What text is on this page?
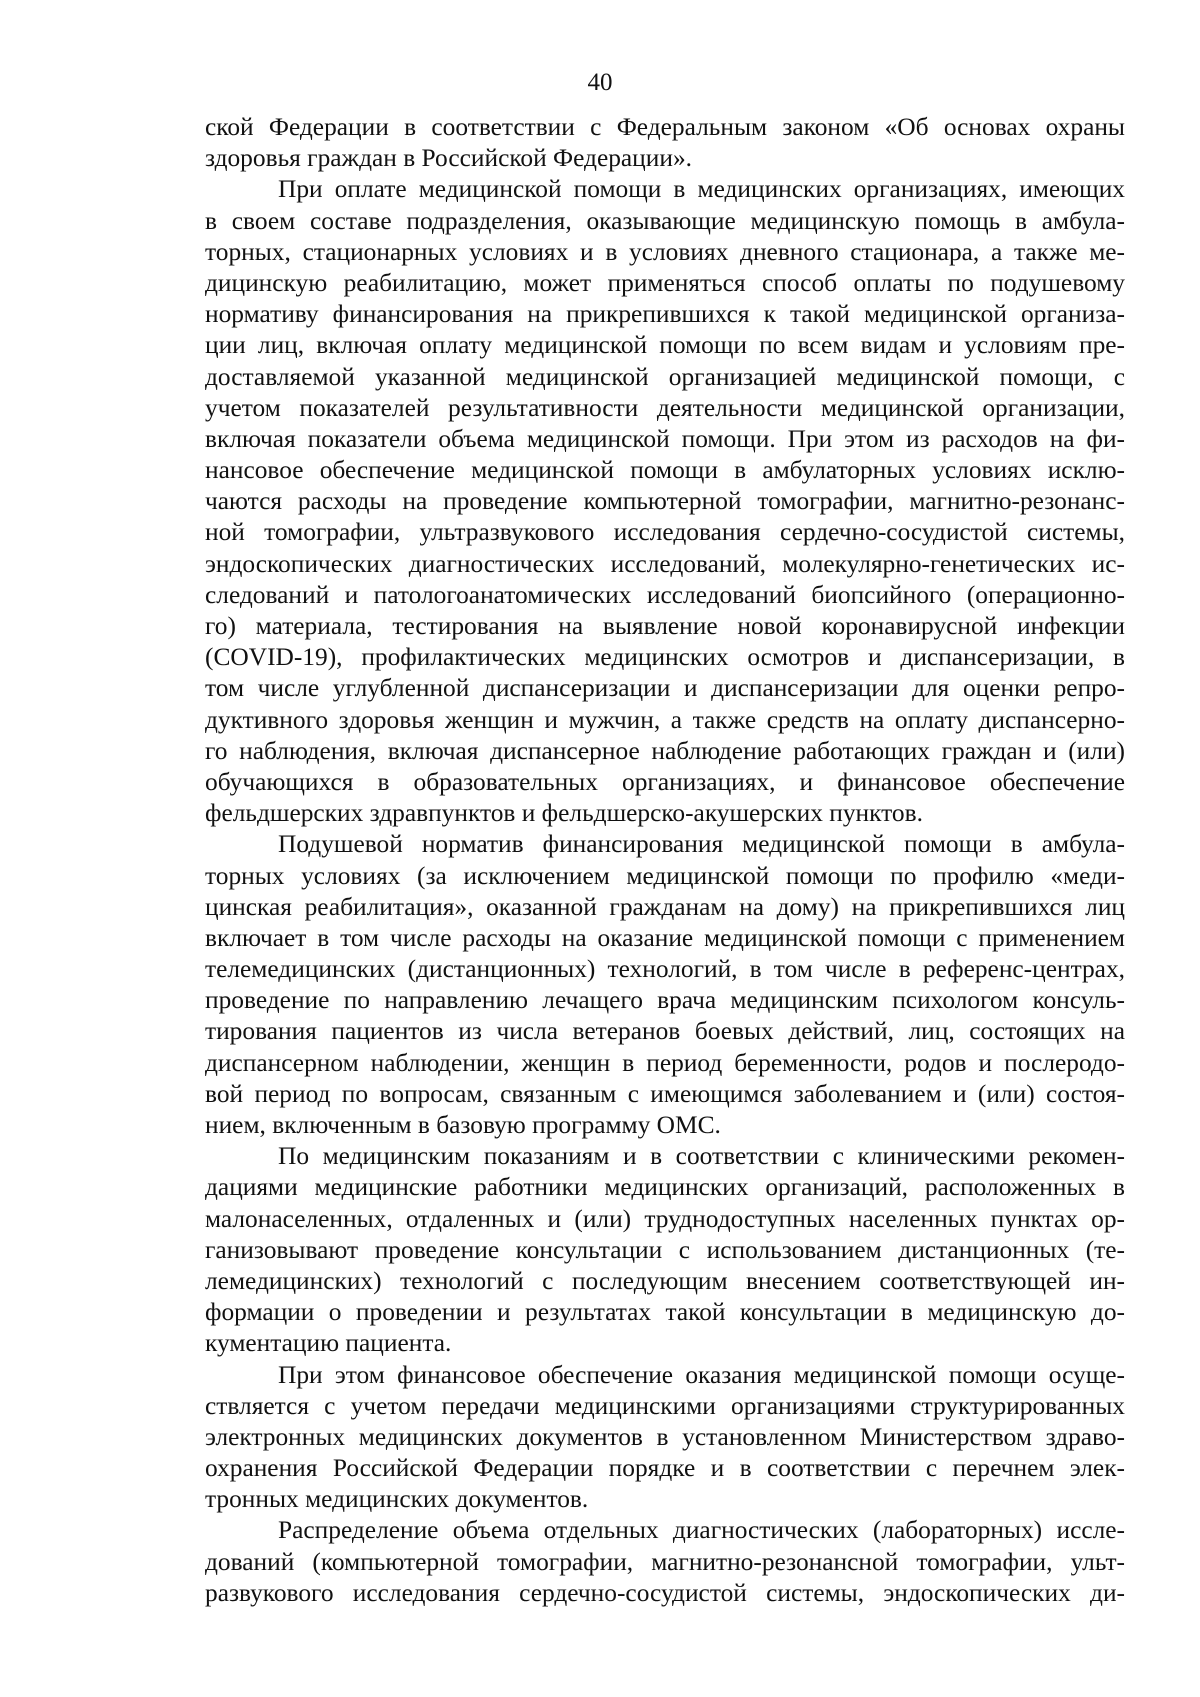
40
ской Федерации в соответствии с Федеральным законом «Об основах охраны
здоровья граждан в Российской Федерации».
При оплате медицинской помощи в медицинских организациях, имеющих
в своем составе подразделения, оказывающие медицинскую помощь в амбула-
торных, стационарных условиях и в условиях дневного стационара, а также ме-
дицинскую реабилитацию, может применяться способ оплаты по подушевому
нормативу финансирования на прикрепившихся к такой медицинской организа-
ции лиц, включая оплату медицинской помощи по всем видам и условиям пре-
доставляемой указанной медицинской организацией медицинской помощи, с
учетом показателей результативности деятельности медицинской организации,
включая показатели объема медицинской помощи. При этом из расходов на фи-
нансовое обеспечение медицинской помощи в амбулаторных условиях исклю-
чаются расходы на проведение компьютерной томографии, магнитно-резонанс-
ной томографии, ультразвукового исследования сердечно-сосудистой системы,
эндоскопических диагностических исследований, молекулярно-генетических ис-
следований и патологоанатомических исследований биопсийного (операционно-
го) материала, тестирования на выявление новой коронавирусной инфекции
(COVID-19), профилактических медицинских осмотров и диспансеризации, в
том числе углубленной диспансеризации и диспансеризации для оценки репро-
дуктивного здоровья женщин и мужчин, а также средств на оплату диспансерно-
го наблюдения, включая диспансерное наблюдение работающих граждан и (или)
обучающихся в образовательных организациях, и финансовое обеспечение
фельдшерских здравпунктов и фельдшерско-акушерских пунктов.
Подушевой норматив финансирования медицинской помощи в амбула-
торных условиях (за исключением медицинской помощи по профилю «меди-
цинская реабилитация», оказанной гражданам на дому) на прикрепившихся лиц
включает в том числе расходы на оказание медицинской помощи с применением
телемедицинских (дистанционных) технологий, в том числе в референс-центрах,
проведение по направлению лечащего врача медицинским психологом консуль-
тирования пациентов из числа ветеранов боевых действий, лиц, состоящих на
диспансерном наблюдении, женщин в период беременности, родов и послеродо-
вой период по вопросам, связанным с имеющимся заболеванием и (или) состоя-
нием, включенным в базовую программу ОМС.
По медицинским показаниям и в соответствии с клиническими рекомен-
дациями медицинские работники медицинских организаций, расположенных в
малонаселенных, отдаленных и (или) труднодоступных населенных пунктах ор-
ганизовывают проведение консультации с использованием дистанционных (те-
лемедицинских) технологий с последующим внесением соответствующей ин-
формации о проведении и результатах такой консультации в медицинскую до-
кументацию пациента.
При этом финансовое обеспечение оказания медицинской помощи осуще-
ствляется с учетом передачи медицинскими организациями структурированных
электронных медицинских документов в установленном Министерством здраво-
охранения Российской Федерации порядке и в соответствии с перечнем элек-
тронных медицинских документов.
Распределение объема отдельных диагностических (лабораторных) иссле-
дований (компьютерной томографии, магнитно-резонансной томографии, ульт-
развукового исследования сердечно-сосудистой системы, эндоскопических ди-
